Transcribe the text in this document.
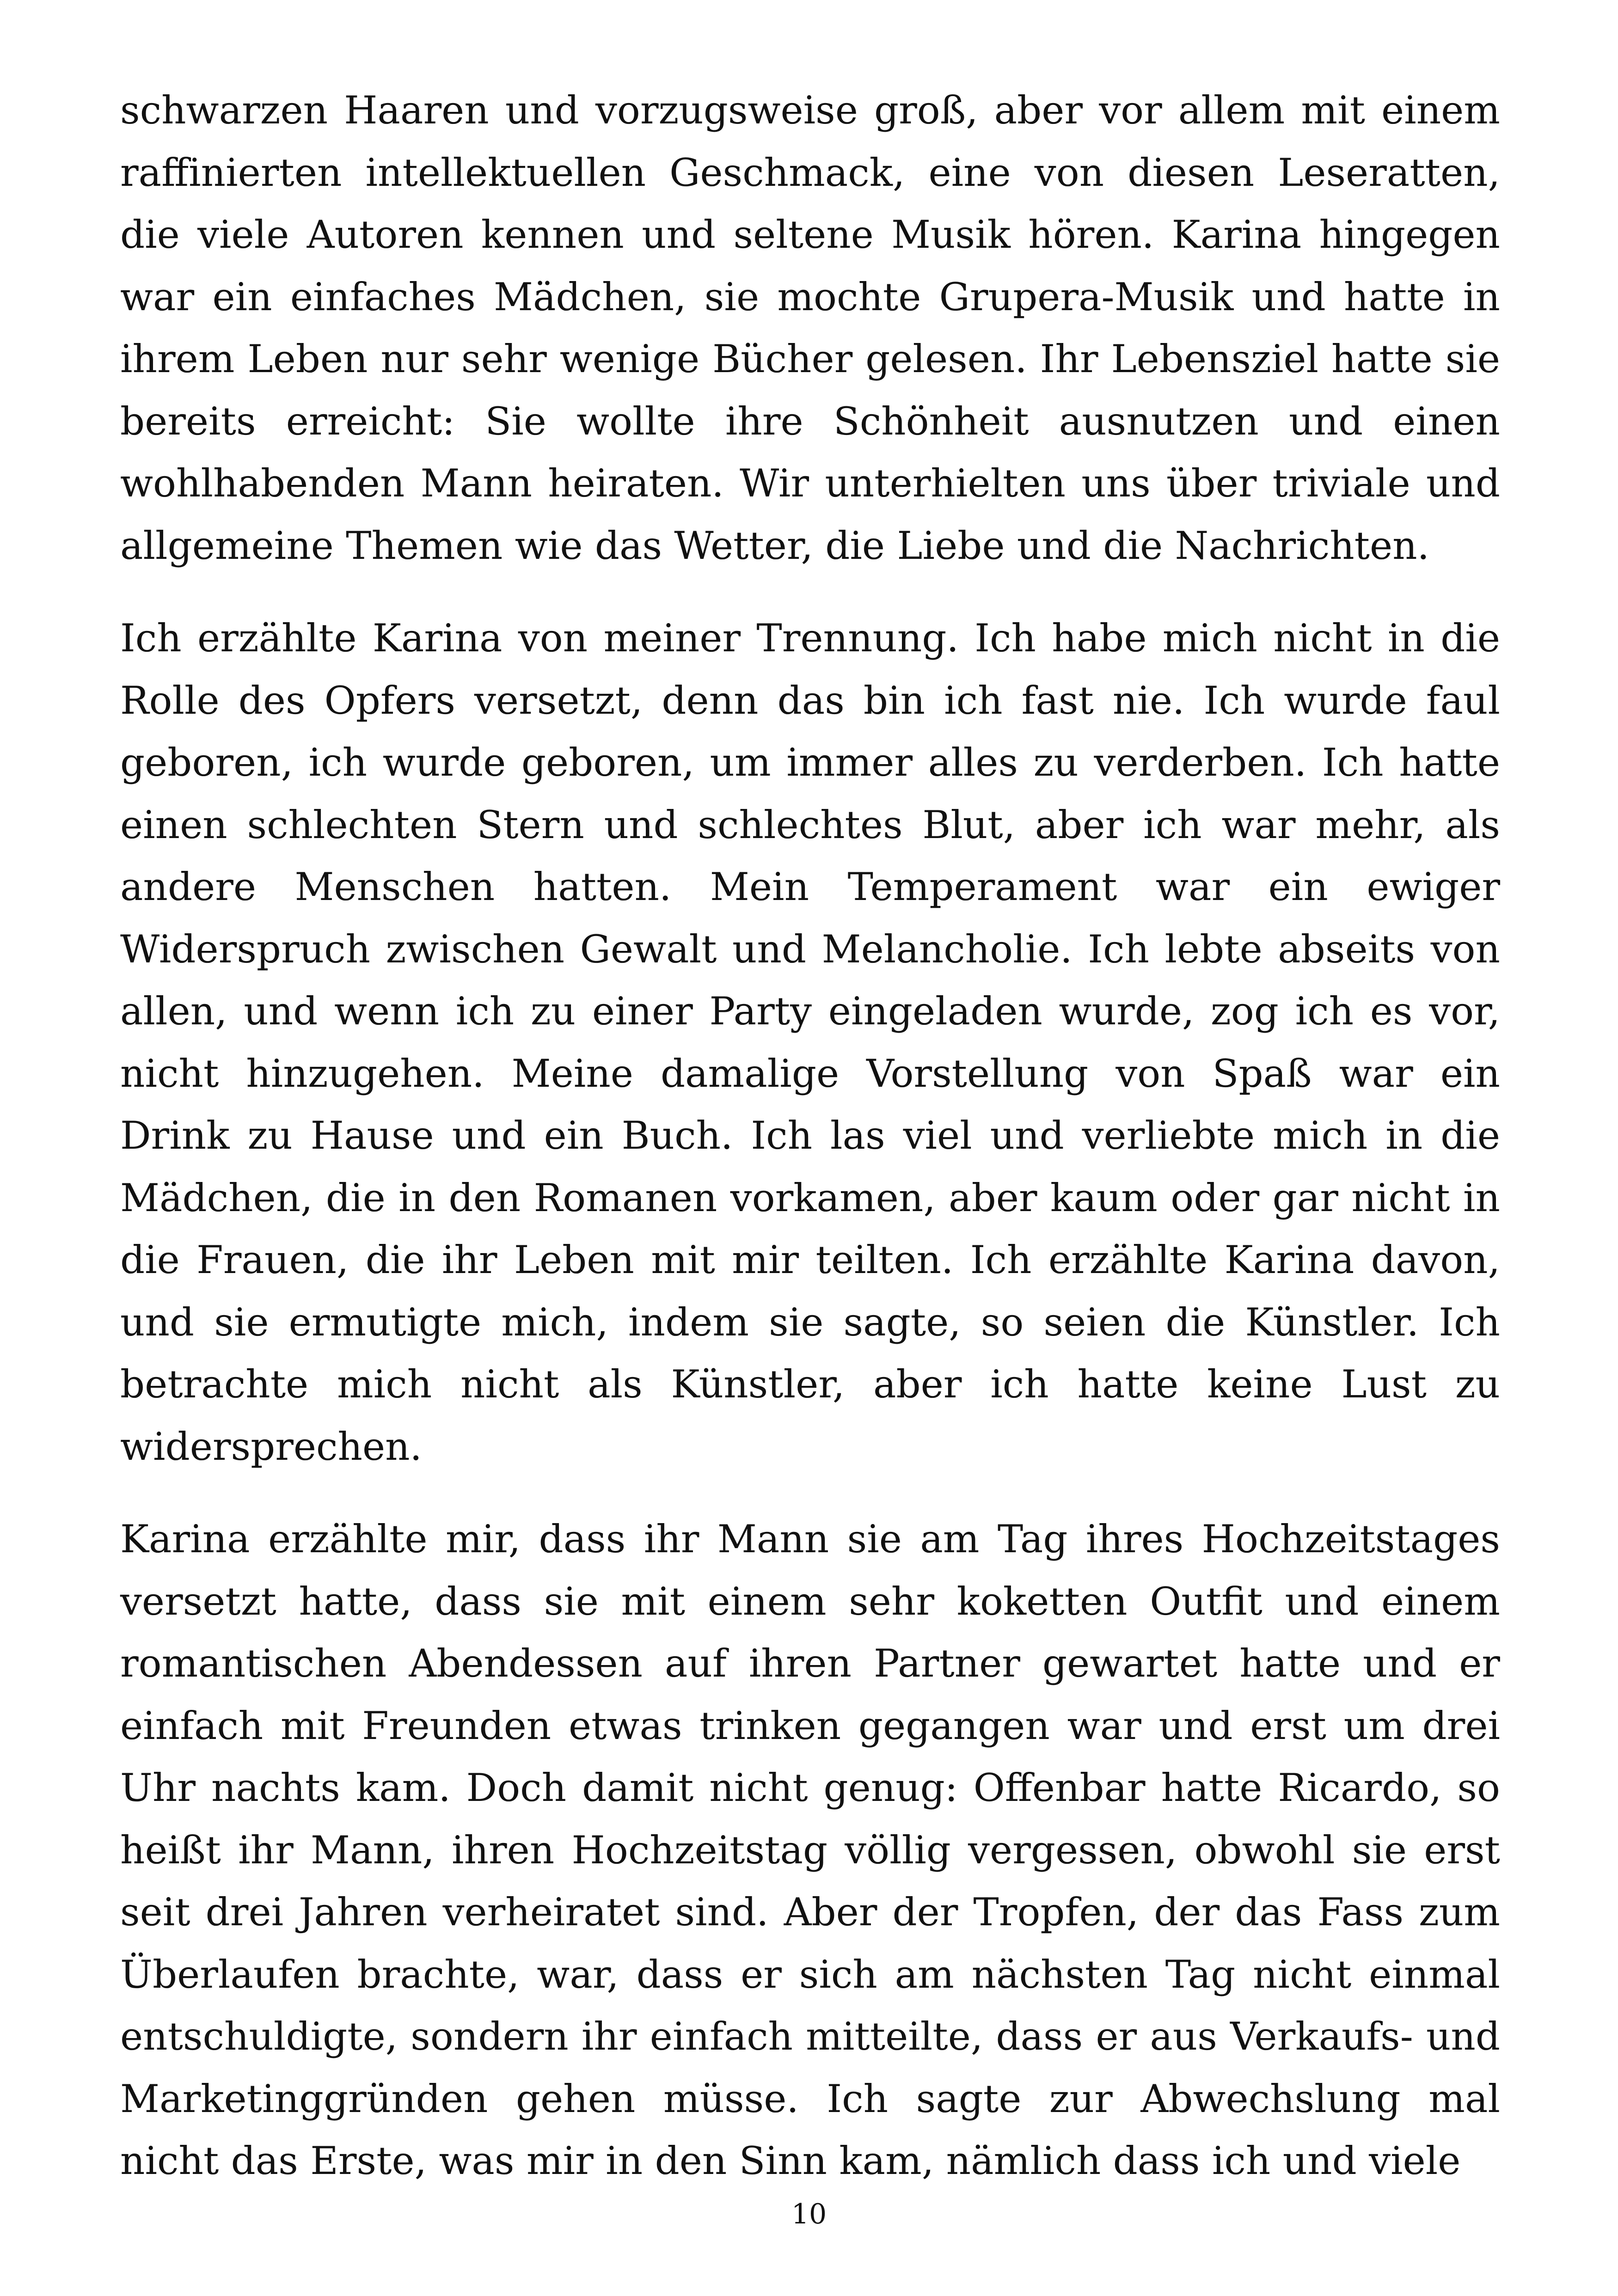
schwarzen Haaren und vorzugsweise groß, aber vor allem mit einem raffinierten intellektuellen Geschmack, eine von diesen Leseratten, die viele Autoren kennen und seltene Musik hören. Karina hingegen war ein einfaches Mädchen, sie mochte Grupera-Musik und hatte in ihrem Leben nur sehr wenige Bücher gelesen. Ihr Lebensziel hatte sie bereits erreicht: Sie wollte ihre Schönheit ausnutzen und einen wohlhabenden Mann heiraten. Wir unterhielten uns über triviale und allgemeine Themen wie das Wetter, die Liebe und die Nachrichten.

Ich erzählte Karina von meiner Trennung. Ich habe mich nicht in die Rolle des Opfers versetzt, denn das bin ich fast nie. Ich wurde faul geboren, ich wurde geboren, um immer alles zu verderben. Ich hatte einen schlechten Stern und schlechtes Blut, aber ich war mehr, als andere Menschen hatten. Mein Temperament war ein ewiger Widerspruch zwischen Gewalt und Melancholie. Ich lebte abseits von allen, und wenn ich zu einer Party eingeladen wurde, zog ich es vor, nicht hinzugehen. Meine damalige Vorstellung von Spaß war ein Drink zu Hause und ein Buch. Ich las viel und verliebte mich in die Mädchen, die in den Romanen vorkamen, aber kaum oder gar nicht in die Frauen, die ihr Leben mit mir teilten. Ich erzählte Karina davon, und sie ermutigte mich, indem sie sagte, so seien die Künstler. Ich betrachte mich nicht als Künstler, aber ich hatte keine Lust zu widersprechen.

Karina erzählte mir, dass ihr Mann sie am Tag ihres Hochzeitstages versetzt hatte, dass sie mit einem sehr koketten Outfit und einem romantischen Abendessen auf ihren Partner gewartet hatte und er einfach mit Freunden etwas trinken gegangen war und erst um drei Uhr nachts kam. Doch damit nicht genug: Offenbar hatte Ricardo, so heißt ihr Mann, ihren Hochzeitstag völlig vergessen, obwohl sie erst seit drei Jahren verheiratet sind. Aber der Tropfen, der das Fass zum Überlaufen brachte, war, dass er sich am nächsten Tag nicht einmal entschuldigte, sondern ihr einfach mitteilte, dass er aus Verkaufs- und Marketinggründen gehen müsse. Ich sagte zur Abwechslung mal nicht das Erste, was mir in den Sinn kam, nämlich dass ich und viele

10
